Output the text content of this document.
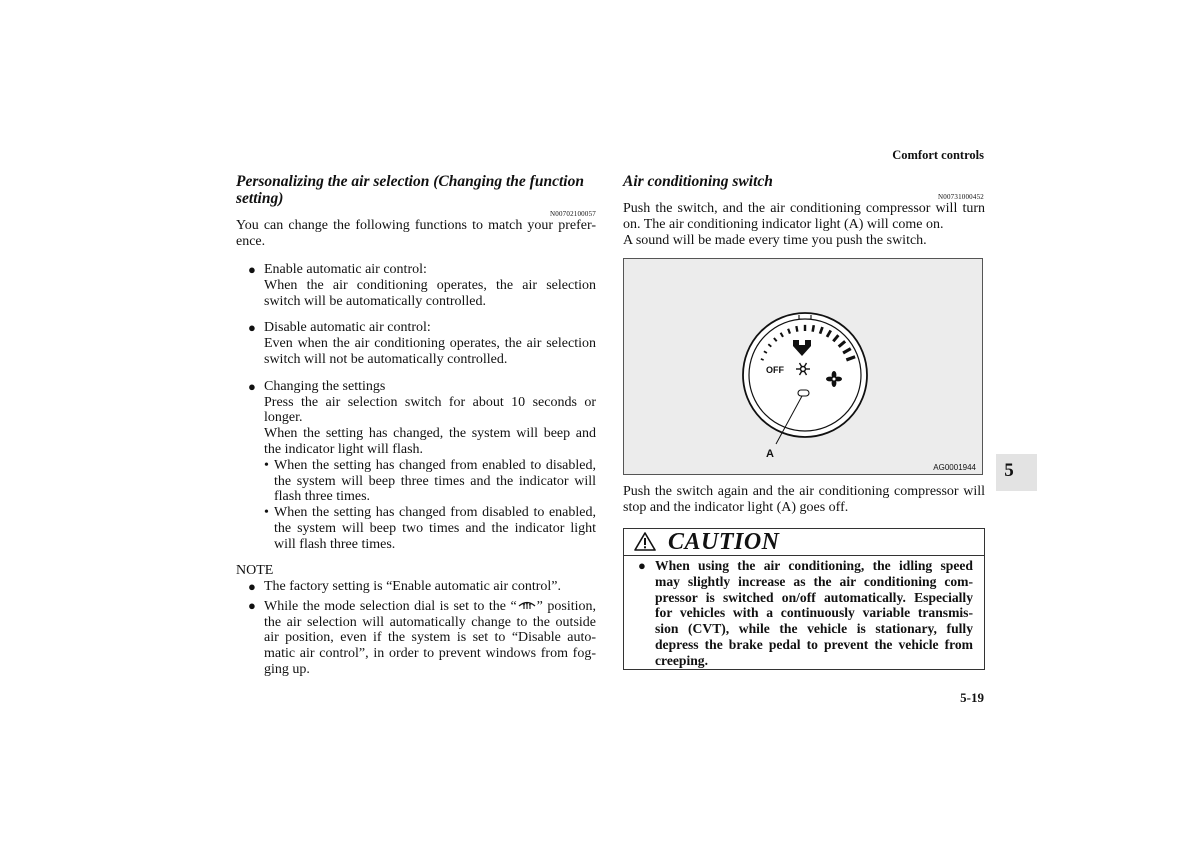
Comfort controls
Personalizing the air selection (Changing the function
setting)
N00702100057
You can change the following functions to match your prefer-
ence.
● Enable automatic air control:
When the air conditioning operates, the air selection
switch will be automatically controlled.
● Disable automatic air control:
Even when the air conditioning operates, the air selection
switch will not be automatically controlled.
● Changing the settings
Press the air selection switch for about 10 seconds or
longer.
When the setting has changed, the system will beep and
the indicator light will flash.
• When the setting has changed from enabled to disabled,
the system will beep three times and the indicator will
flash three times.
• When the setting has changed from disabled to enabled,
the system will beep two times and the indicator light
will flash three times.
NOTE
● The factory setting is “Enable automatic air control”.
● While the mode selection dial is set to the “ ” position,
the air selection will automatically change to the outside
air position, even if the system is set to “Disable auto-
matic air control”, in order to prevent windows from fog-
ging up.
Air conditioning switch
N00731000452
Push the switch, and the air conditioning compressor will turn
on. The air conditioning indicator light (A) will come on.
A sound will be made every time you push the switch.
OFF
A
AG0001944
Push the switch again and the air conditioning compressor will
stop and the indicator light (A) goes off.
CAUTION
● When using the air conditioning, the idling speed
may slightly increase as the air conditioning com-
pressor is switched on/off automatically. Especially
for vehicles with a continuously variable transmis-
sion (CVT), while the vehicle is stationary, fully
depress the brake pedal to prevent the vehicle from
creeping.
5
5-19
